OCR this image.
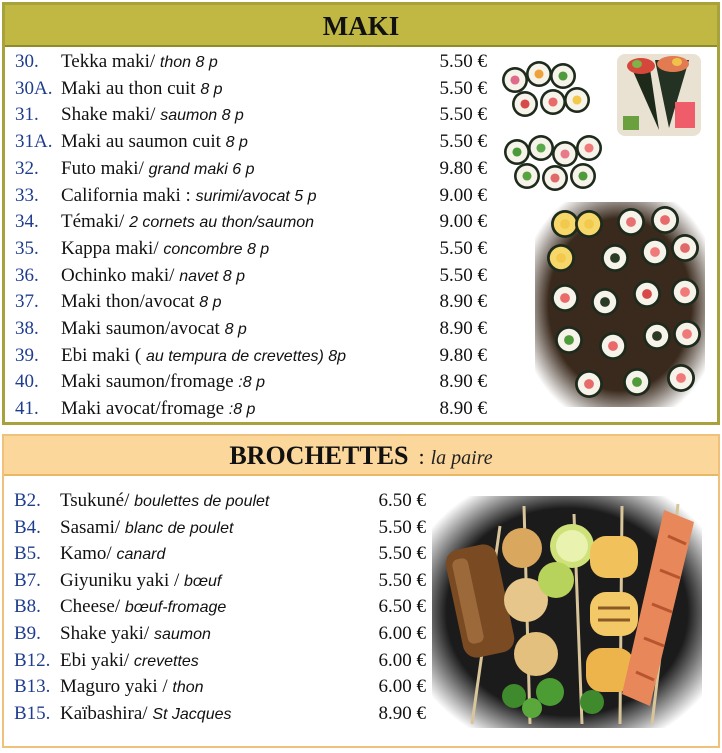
MAKI
30. Tekka maki/ thon 8 p	5.50 €
30A. Maki au thon cuit 8 p	5.50 €
31. Shake maki/ saumon 8 p	5.50 €
31A. Maki au saumon cuit 8 p	5.50 €
32. Futo maki/ grand maki 6 p	9.80 €
33. California maki : surimi/avocat 5 p	9.00 €
34. Témaki/ 2 cornets au thon/saumon	9.00 €
35. Kappa maki/ concombre 8 p	5.50 €
36. Ochinko maki/ navet 8 p	5.50 €
37. Maki thon/avocat 8 p	8.90 €
38. Maki saumon/avocat 8 p	8.90 €
39. Ebi maki ( au tempura de crevettes) 8p	9.80 €
40. Maki saumon/fromage :8 p	8.90 €
41. Maki avocat/fromage :8 p	8.90 €
BROCHETTES : la paire
B2. Tsukuné/ boulettes de poulet	6.50 €
B4. Sasami/ blanc de poulet	5.50 €
B5. Kamo/ canard	5.50 €
B7. Giyuniku yaki / bœuf	5.50 €
B8. Cheese/ bœuf-fromage	6.50 €
B9. Shake yaki/ saumon	6.00 €
B12. Ebi yaki/ crevettes	6.00 €
B13. Maguro yaki / thon	6.00 €
B15. Kaïbashira/ St Jacques	8.90 €
